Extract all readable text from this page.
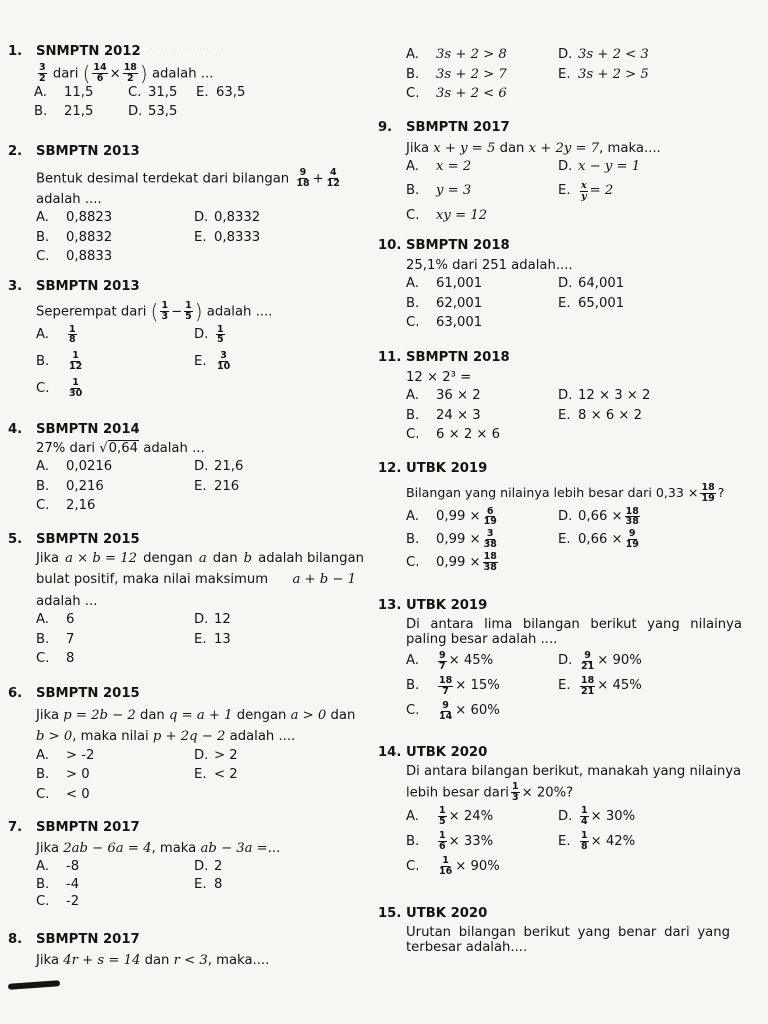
· · · · · · · · · · · ·
1.	SNMPTN 2012
$\frac{3}{2}$ dari ( $\frac{14}{6} \times \frac{18}{2}$ ) adalah ...
A.	11,5	C. 31,5 E. 63,5
B.	21,5	D. 53,5
2.	SBMPTN 2013
Bentuk desimal terdekat dari bilangan $\frac{9}{18} + \frac{4}{12}$
adalah ....
A.	0,8823	D. 0,8332
B.	0,8832	E. 0,8333
C.	0,8833
3.	SBMPTN 2013
Seperempat dari ( $\frac{1}{3} - \frac{1}{5}$ ) adalah ....
A.	$\frac{1}{8}$	D. $\frac{1}{5}$
B.	$\frac{1}{12}$	E. $\frac{3}{10}$
C.	$\frac{1}{30}$
4.	SBMPTN 2014
27% dari √0,64 adalah ...
A.	0,0216	D. 21,6
B.	0,216	E. 216
C.	2,16
5.	SBMPTN 2015
Jika a × b = 12 dengan a dan b adalah bilangan
bulat positif, maka nilai maksimum a + b − 1
adalah ...
A.	6	D. 12
B.	7	E. 13
C.	8
6.	SBMPTN 2015
Jika p = 2b − 2 dan q = a + 1 dengan a > 0 dan
b > 0, maka nilai p + 2q − 2 adalah ....
A.	> -2	D. > 2
B.	> 0	E. < 2
C.	< 0
7.	SBMPTN 2017
Jika 2ab − 6a = 4, maka ab − 3a =...
A.	-8	D. 2
B.	-4	E. 8
C.	-2
8.	SBMPTN 2017
Jika 4r + s = 14 dan r < 3, maka....
A.	3s + 2 > 8	D. 3s + 2 < 3
B.	3s + 2 > 7	E. 3s + 2 > 5
C.	3s + 2 < 6
9.	SBMPTN 2017
Jika x + y = 5 dan x + 2y = 7, maka....
A.	x = 2	D. x − y = 1
B.	y = 3	E. $\frac{x}{y} = 2$
C.	xy = 12
10. SBMPTN 2018
25,1% dari 251 adalah....
A.	61,001	D. 64,001
B.	62,001	E. 65,001
C.	63,001
11. SBMPTN 2018
12 × 2³ =
A.	36 × 2	D. 12 × 3 × 2
B.	24 × 3	E. 8 × 6 × 2
C.	6 × 2 × 6
12. UTBK 2019
Bilangan yang nilainya lebih besar dari $0,33 \times \frac{18}{19}$ ?
A.	$0,99 \times \frac{6}{19}$	D. $0,66 \times \frac{18}{38}$
B.	$0,99 \times \frac{3}{38}$	E. $0,66 \times \frac{9}{19}$
C.	$0,99 \times \frac{18}{38}$
13. UTBK 2019
Di antara lima bilangan berikut yang nilainya paling besar adalah ....
A.	$\frac{9}{7} \times 45\%$	D. $\frac{9}{21} \times 90\%$
B.	$\frac{18}{7} \times 15\%$	E. $\frac{18}{21} \times 45\%$
C.	$\frac{9}{14} \times 60\%$
14. UTBK 2020
Di antara bilangan berikut, manakah yang nilainya
lebih besar dari $\frac{1}{3} \times 20\%$?
A.	$\frac{1}{5} \times 24\%$	D. $\frac{1}{4} \times 30\%$
B.	$\frac{1}{6} \times 33\%$	E. $\frac{1}{8} \times 42\%$
C.	$\frac{1}{16} \times 90\%$
15. UTBK 2020
Urutan bilangan berikut yang benar dari yang terbesar adalah....
